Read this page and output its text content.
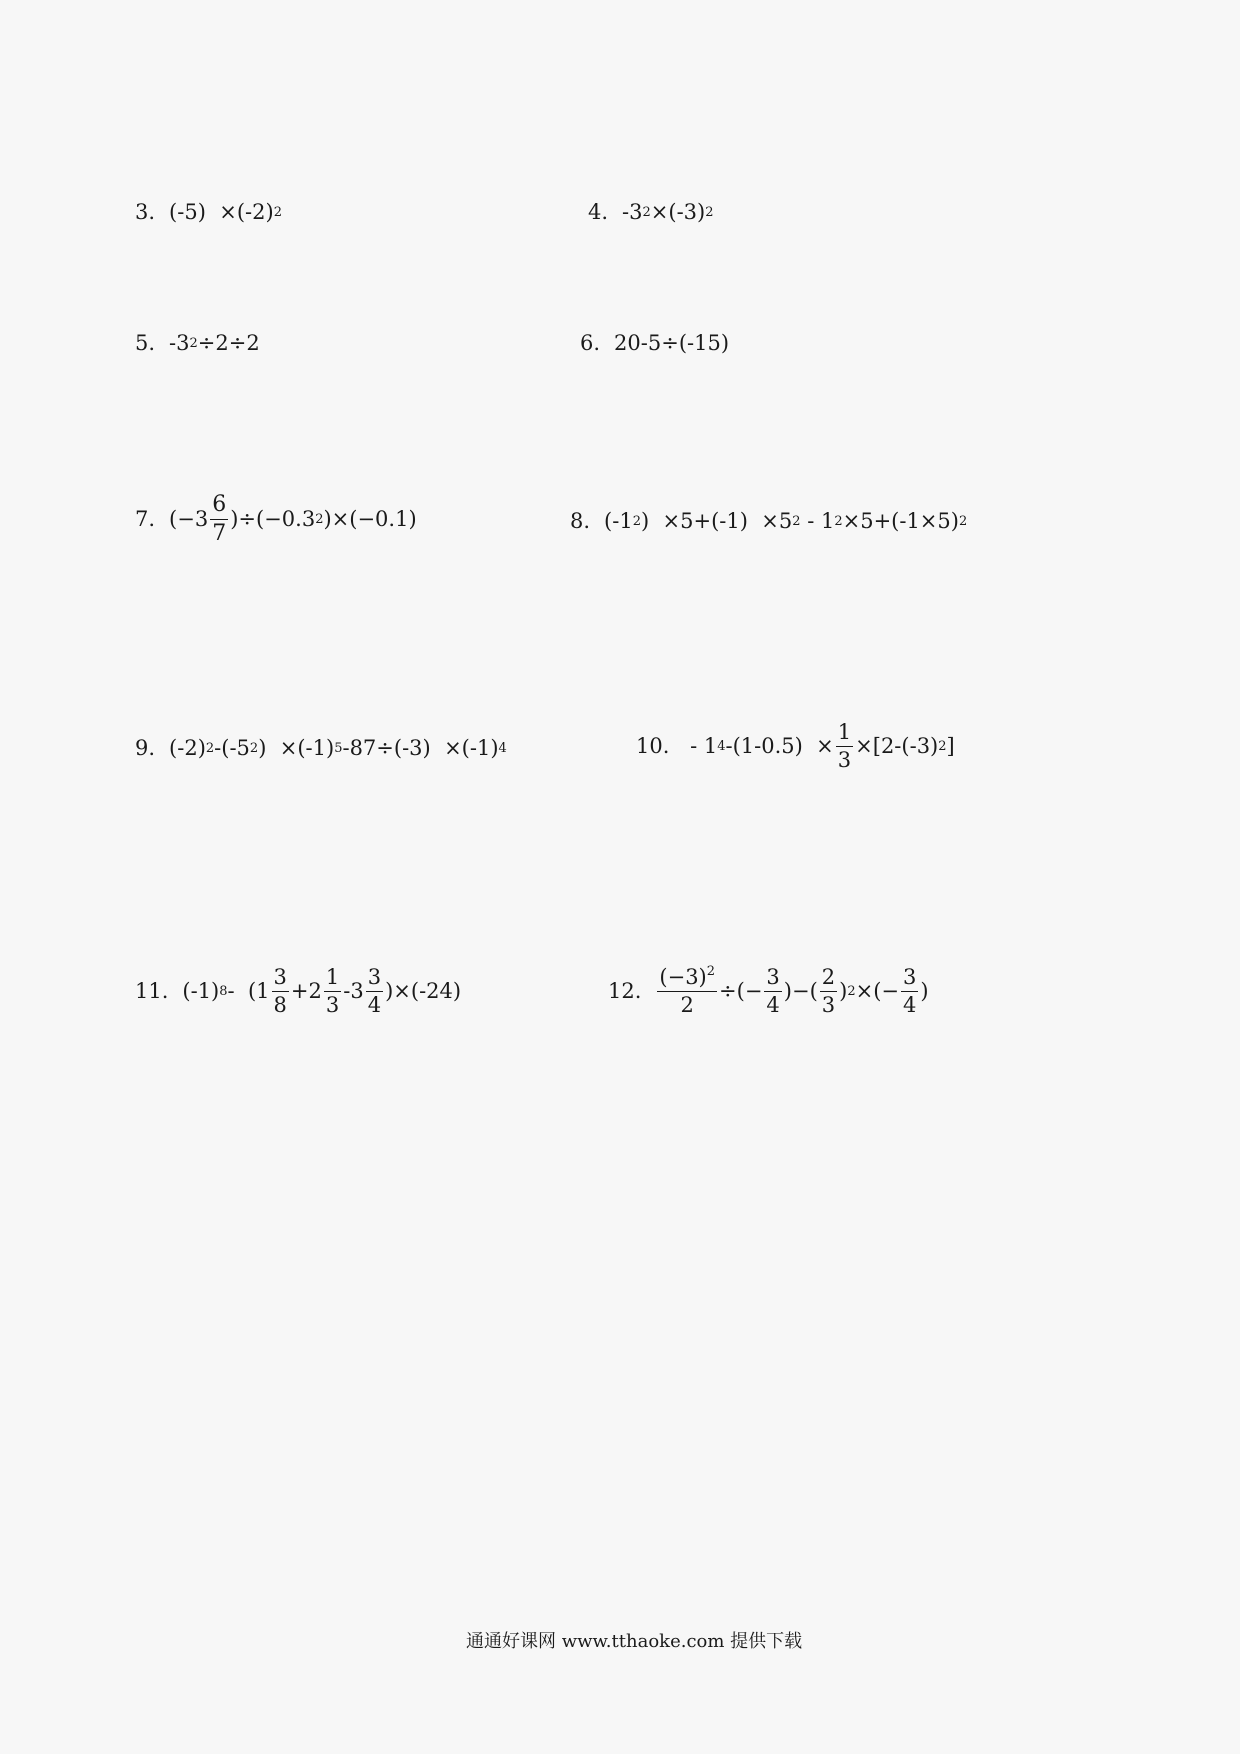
3. (-5)  ×(-2) 2	4. -3 2 ×(-3) 2
5. -3 2 ÷2÷2	6. 20-5÷(-15)
7. $(-3 \frac{6}{7} )\div(-0.3$ 2 )×(−0.1)	8. (-1 2 )  ×5+(-1)  ×5 2 - 1 2 ×5+(-1×5) 2
9. (-2) 2 -(-5 2 )  ×(-1) 5 -87÷(-3)  ×(-1) 4	10. - 1 4 $-(1-0.5) \times \frac{1}{3} \times[2-(-3)$ 2 ]
11. (-1) $8 - (1 \frac{3}{8} +2 \frac{1}{3} -3 \frac{3}{4} )\times(-24)$	12. $\frac{(-3)^2}{2}$ ÷(− $\frac{3}{4}$ )−( $\frac{2}{3}$ ) 2 ×(− $\frac{3}{4}$ )
通通好课网 www.tthaoke.com 提供下载
